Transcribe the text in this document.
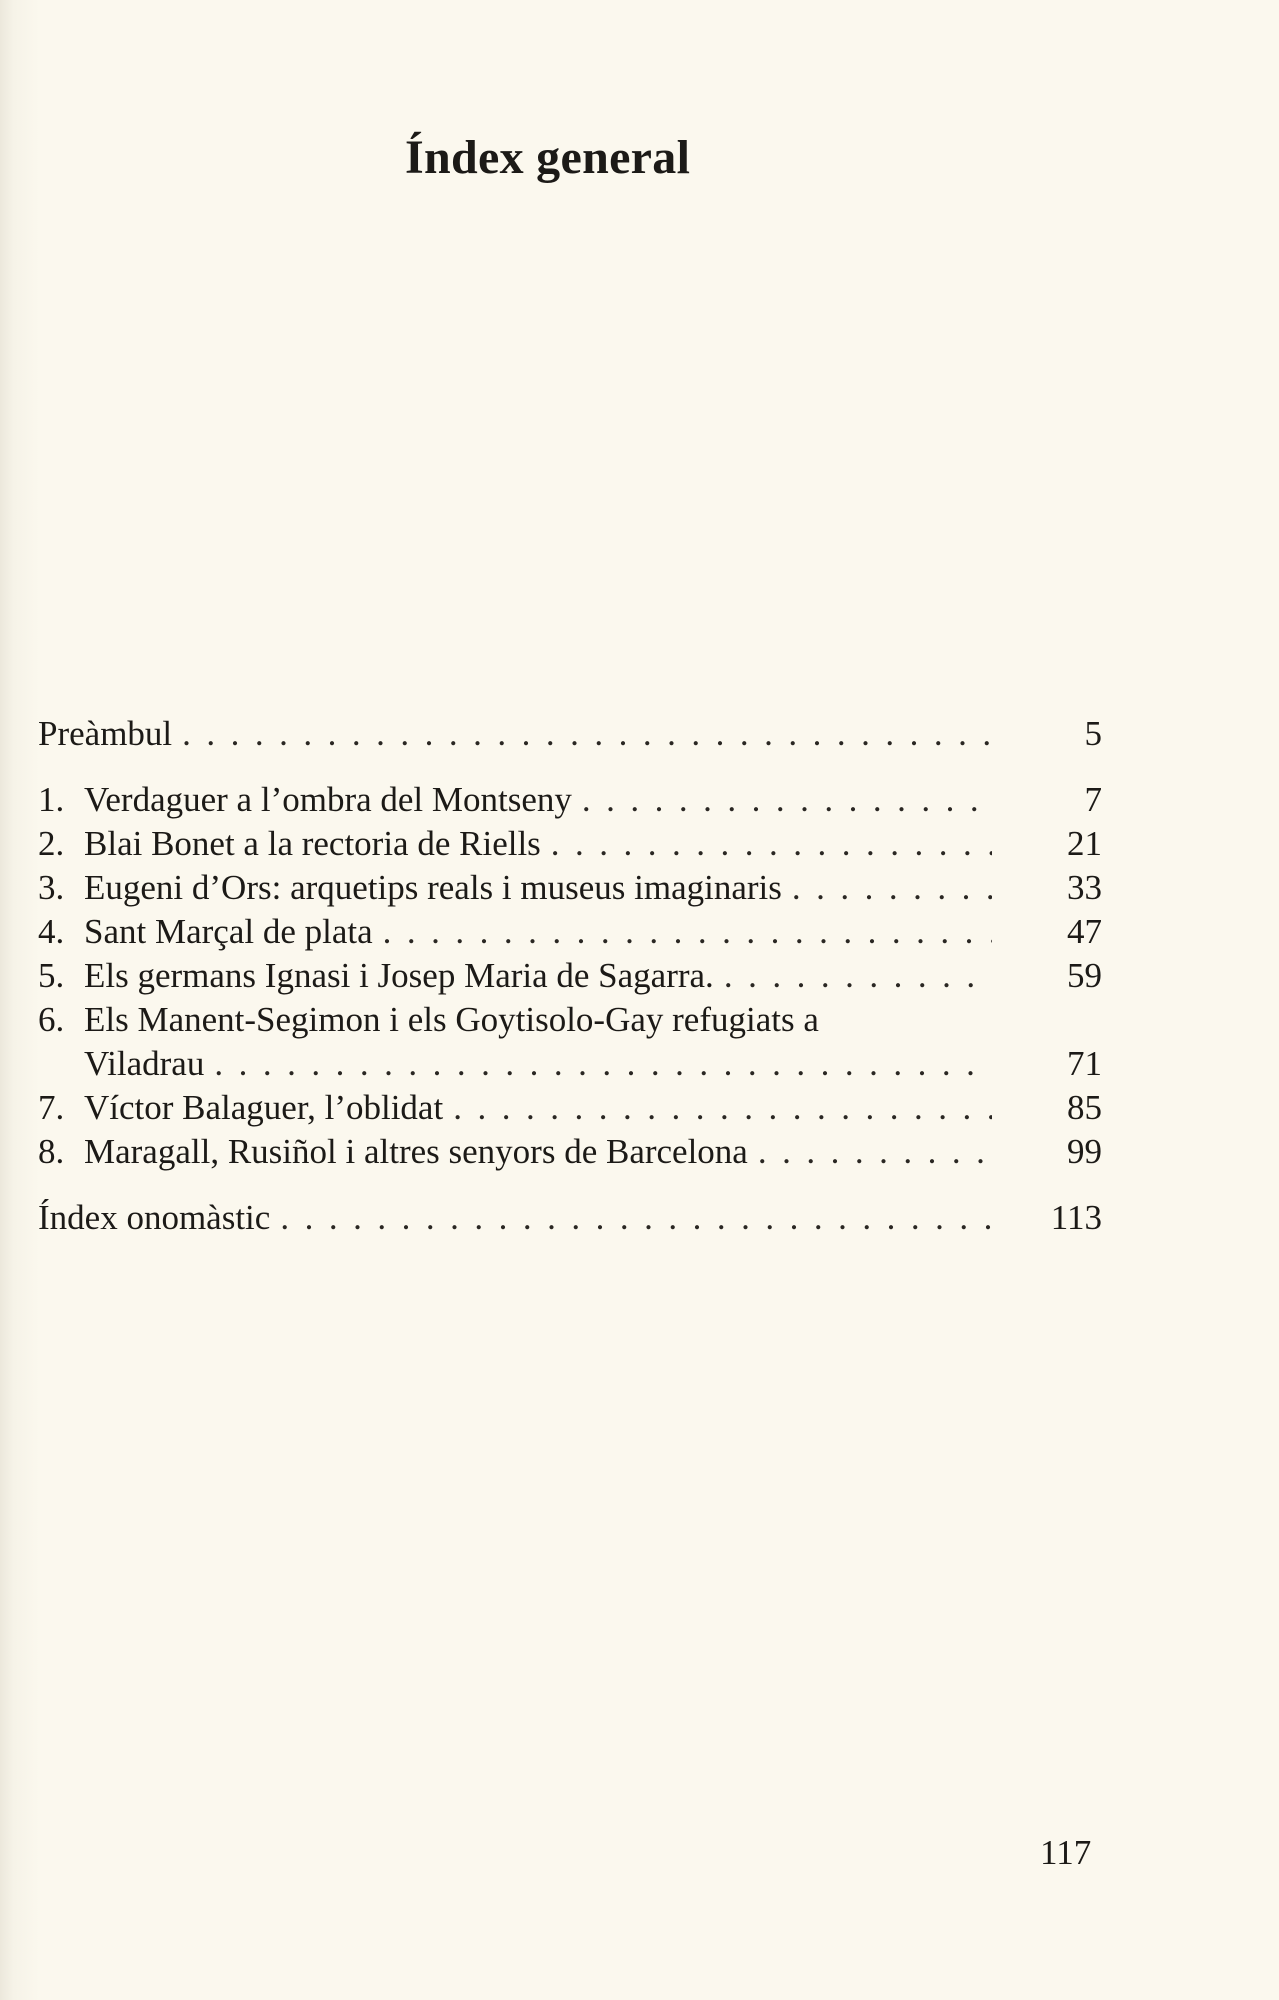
Índex general
Preàmbul .....	5
1. Verdaguer a l’ombra del Montseny .....	7
2. Blai Bonet a la rectoria de Riells .....	21
3. Eugeni d’Ors: arquetips reals i museus imaginaris .....	33
4. Sant Marçal de plata .....	47
5. Els germans Ignasi i Josep Maria de Sagarra. .....	59
6. Els Manent-Segimon i els Goytisolo-Gay refugiats a
Viladrau .....	71
7. Víctor Balaguer, l’oblidat .....	85
8. Maragall, Rusiñol i altres senyors de Barcelona .....	99
Índex onomàstic .....	113
117
